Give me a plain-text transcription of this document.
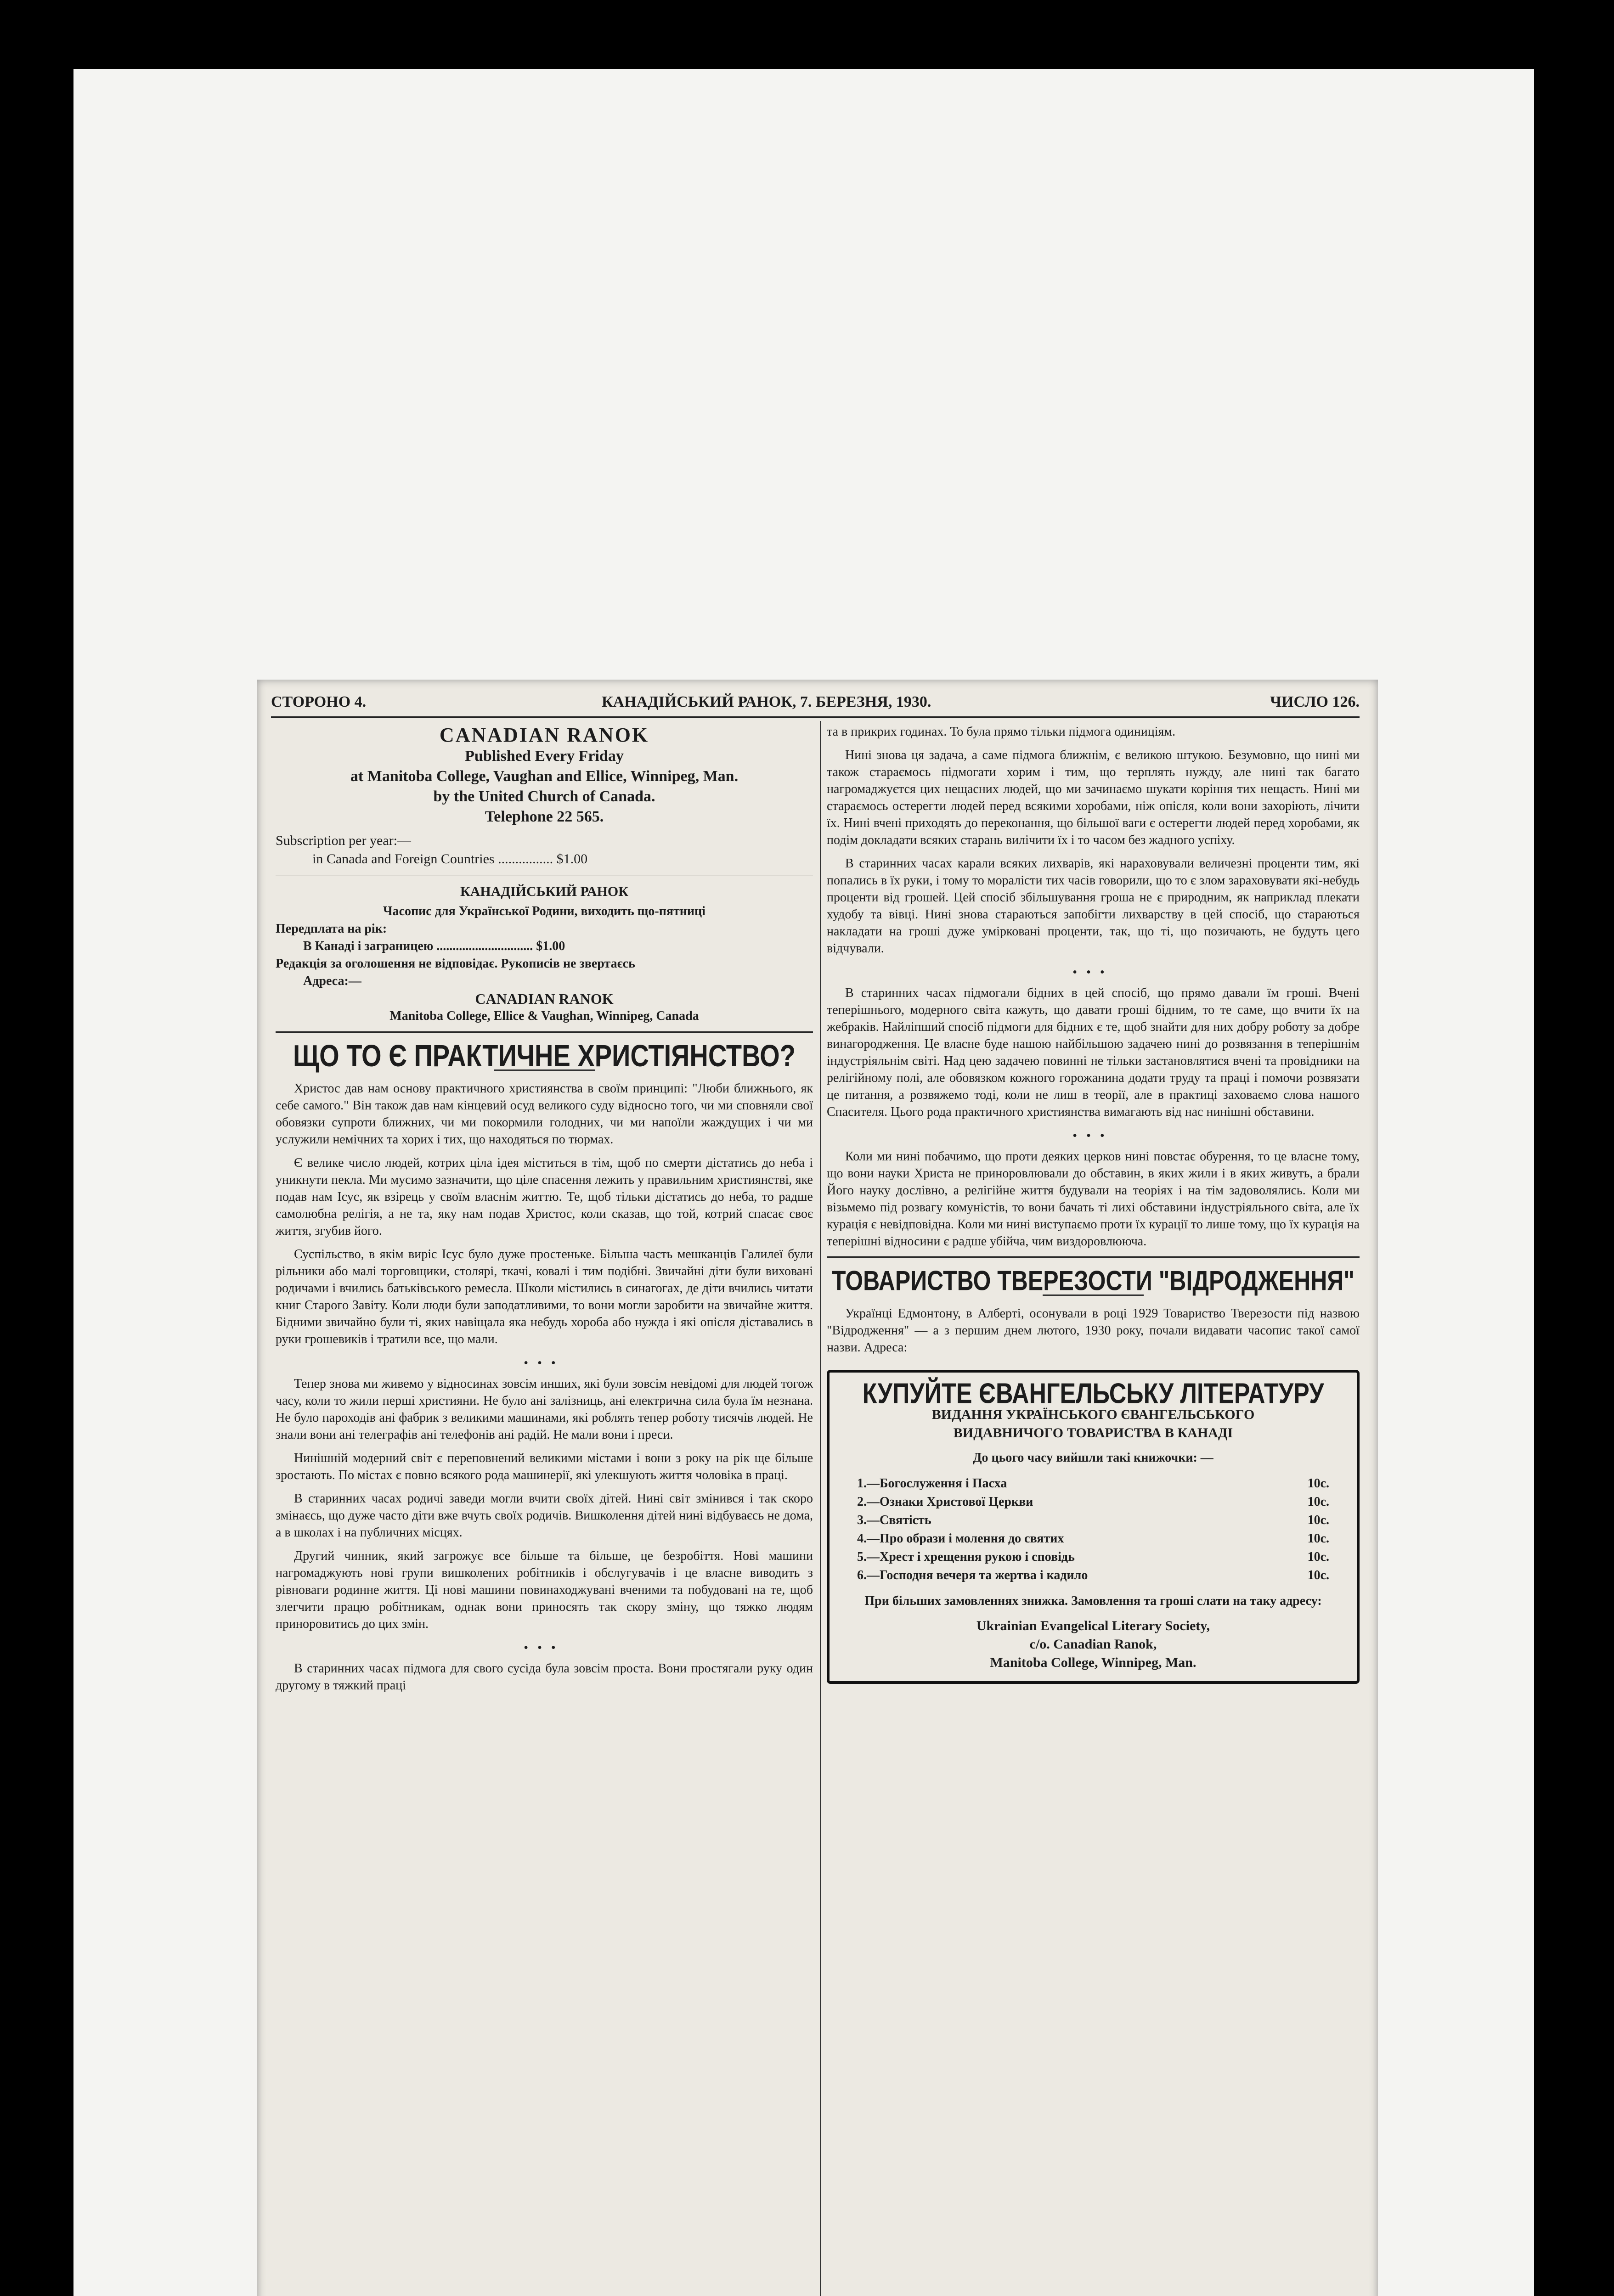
СТОРОНО 4.	КАНАДІЙСЬКИЙ РАНОК, 7. БЕРЕЗНЯ, 1930.	ЧИСЛО 126.
CANADIAN RANOK
Published Every Friday
at Manitoba College, Vaughan and Ellice, Winnipeg, Man.
by the United Church of Canada.
Telephone 22 565.
Subscription per year:—
in Canada and Foreign Countries ................ $1.00
КАНАДІЙСЬКИЙ РАНОК
Часопис для Української Родини, виходить що-пятниці
Передплата на рік:
В Канаді і заграницею .............................. $1.00
Редакція за оголошення не відповідає. Рукописів не звертаєсь
Адреса:—
CANADIAN RANOK
Manitoba College, Ellice & Vaughan, Winnipeg, Canada
ЩО ТО Є ПРАКТИЧНЕ ХРИСТІЯНСТВО?

Христос дав нам основу практичного християнства в своїм принципі: "Люби ближнього, як себе самого." Він також дав нам кінцевий осуд великого суду відносно того, чи ми сповняли свої обовязки супроти ближних, чи ми покормили голодних, чи ми напоїли жаждущих і чи ми услужили немічних та хорих і тих, що находяться по тюрмах.

Є велике число людей, котрих ціла ідея міститься в тім, щоб по смерти дістатись до неба і уникнути пекла. Ми мусимо зазначити, що ціле спасення лежить у правильним християнстві, яке подав нам Ісус, як взірець у своїм власнім життю. Те, щоб тільки дістатись до неба, то радше самолюбна релігія, а не та, яку нам подав Христос, коли сказав, що той, котрий спасає своє життя, згубив його.

Суспільство, в якім виріс Ісус було дуже простеньке. Більша часть мешканців Галилеї були рільники або малі торговщики, столярі, ткачі, ковалі і тим подібні. Звичайні діти були виховані родичами і вчились батьківського ремесла. Школи містились в синагогах, де діти вчились читати книг Старого Завіту. Коли люди були заподатливими, то вони могли заробити на звичайне життя. Бідними звичайно були ті, яких навіщала яка небудь хороба або нужда і які опісля діставались в руки грошевиків і тратили все, що мали.

•••

Тепер знова ми живемо у відносинах зовсім инших, які були зовсім невідомі для людей тогож часу, коли то жили перші християни. Не було ані залізниць, ані електрична сила була їм незнана. Не було пароходів ані фабрик з великими машинами, які роблять тепер роботу тисячів людей. Не знали вони ані телеграфів ані телефонів ані радій. Не мали вони і преси.

Нинішній модерний світ є переповнений великими містами і вони з року на рік ще більше зростають. По містах є повно всякого рода машинерії, які улекшують життя чоловіка в праці.

В старинних часах родичі заведи могли вчити своїх дітей. Нині світ змінився і так скоро змінаєсь, що дуже часто діти вже вчуть своїх родичів. Вишколення дітей нині відбуваєсь не дома, а в школах і на публичних місцях.

Другий чинник, який загрожує все більше та більше, це безробіття. Нові машини нагромаджують нові групи вишколених робітників і обслугувачів і це власне виводить з рівноваги родинне життя. Ці нові машини повинаходжувані вченими та побудовані на те, щоб злегчити працю робітникам, однак вони приносять так скору зміну, що тяжко людям приноровитись до цих змін.

•••

В старинних часах підмога для свого сусіда була зовсім проста. Вони простягали руку один другому в тяжкий праці

та в прикрих годинах. То була прямо тільки підмога одиниціям.

Нині знова ця задача, а саме підмога ближнім, є великою штукою. Безумовно, що нині ми також стараємось підмогати хорим і тим, що терплять нужду, але нині так багато нагромаджуєтся цих нещасних людей, що ми зачинаємо шукати коріння тих нещасть. Нині ми стараємось остерегти людей перед всякими хоробами, ніж опісля, коли вони захоріють, лічити їх. Нині вчені приходять до переконання, що більшої ваги є остерегти людей перед хоробами, як подім докладати всяких старань вилічити їх і то часом без жадного успіху.

В старинних часах карали всяких лихварів, які нараховували величезні проценти тим, які попались в їх руки, і тому то моралісти тих часів говорили, що то є злом зараховувати які-небудь проценти від грошей. Цей спосіб збільшування гроша не є природним, як наприклад плекати худобу та вівці. Нині знова стараються запобігти лихварству в цей спосіб, що стараються накладати на гроші дуже умірковані проценти, так, що ті, що позичають, не будуть цего відчували.

•••

В старинних часах підмогали бідних в цей спосіб, що прямо давали їм гроші. Вчені теперішнього, модерного світа кажуть, що давати гроші бідним, то те саме, що вчити їх на жебраків. Найліпший спосіб підмоги для бідних є те, щоб знайти для них добру роботу за добре винагородження. Це власне буде нашою найбільшою задачею нині до розвязання в теперішнім індустріяльнім світі. Над цею задачею повинні не тільки застановлятися вчені та провідники на релігійному полі, але обовязком кожного горожанина додати труду та праці і помочи розвязати це питання, а розвяжемо тоді, коли не лиш в теорії, але в практиці заховаємо слова нашого Спасителя. Цього рода практичного християнства вимагають від нас нинішні обставини.

•••

Коли ми нині побачимо, що проти деяких церков нині повстає обурення, то це власне тому, що вони науки Христа не приноровлювали до обставин, в яких жили і в яких живуть, а брали Його науку дослівно, а релігійне життя будували на теоріях і на тім задоволялись. Коли ми візьмемо під розвагу комуністів, то вони бачать ті лихі обставини індустріяльного світа, але їх курація є невідповідна. Коли ми нині виступаємо проти їх курації то лише тому, що їх курація на теперішні відносини є радше убійча, чим виздоровлююча.

ТОВАРИСТВО ТВЕРЕЗОСТИ "ВІДРОДЖЕННЯ"

Українці Едмонтону, в Алберті, осонували в році 1929 Товариство Тверезости під назвою "Відродження" — а з першим днем лютого, 1930 року, почали видавати часопис такої самої назви. Адреса:

КУПУЙТЕ ЄВАНГЕЛЬСЬКУ ЛІТЕРАТУРУ
ВИДАННЯ УКРАЇНСЬКОГО ЄВАНГЕЛЬСЬКОГО
ВИДАВНИЧОГО ТОВАРИСТВА В КАНАДІ
До цього часу вийшли такі книжочки: —
1.—Богослуження і Пасха	10с.
2.—Ознаки Христової Церкви	10с.
3.—Святість	10с.
4.—Про образи і молення до святих	10с.
5.—Хрест і хрещення рукою і сповідь	10с.
6.—Господня вечеря та жертва і кадило	10с.
При більших замовленнях знижка. Замовлення та гроші слати на таку адресу:
Ukrainian Evangelical Literary Society,
c/o. Canadian Ranok,
Manitoba College, Winnipeg, Man.
